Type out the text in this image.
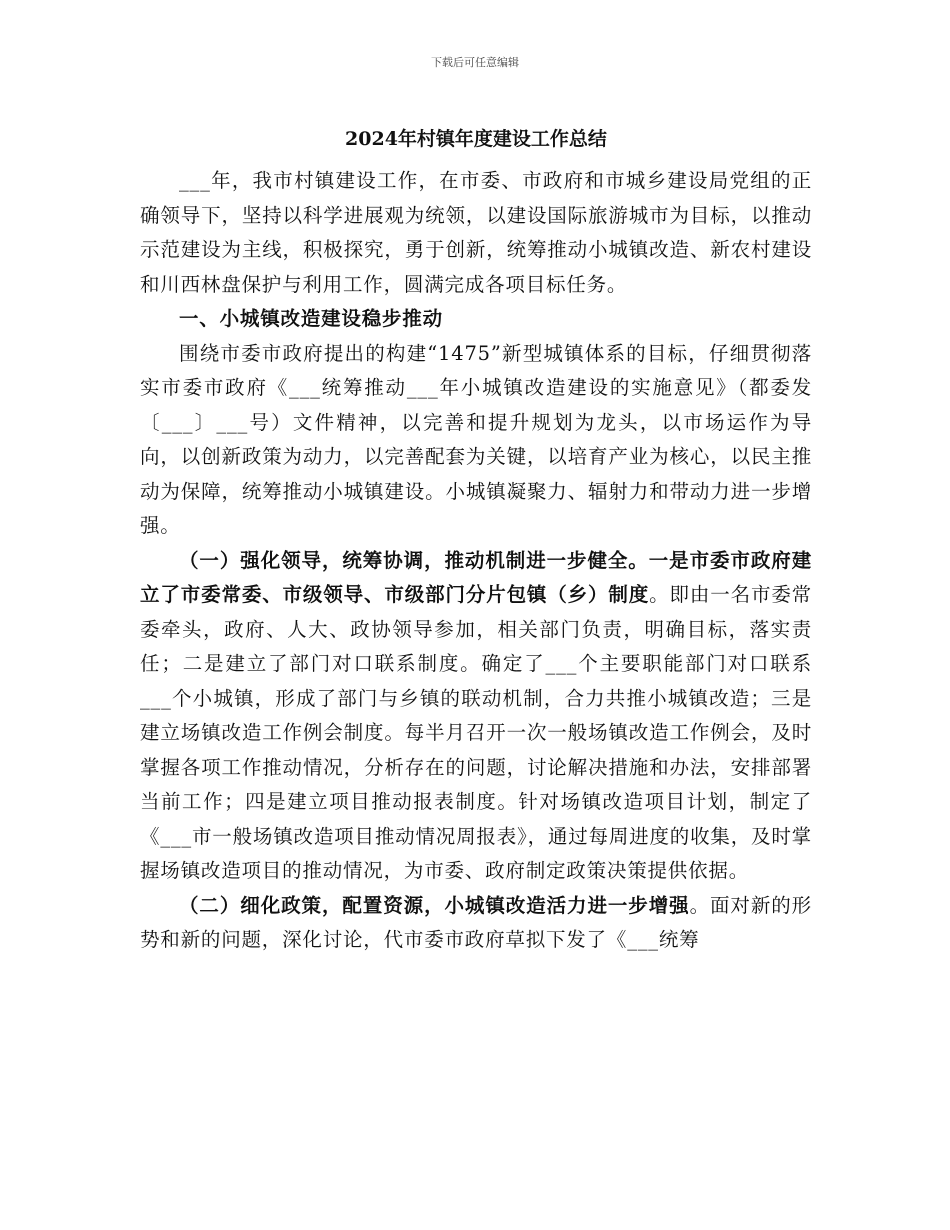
下载后可任意编辑
2024年村镇年度建设工作总结

___年，我市村镇建设工作，在市委、市政府和市城乡建设局党组的正确领导下，坚持以科学进展观为统领，以建设国际旅游城市为目标，以推动示范建设为主线，积极探究，勇于创新，统筹推动小城镇改造、新农村建设和川西林盘保护与利用工作，圆满完成各项目标任务。

一、小城镇改造建设稳步推动

围绕市委市政府提出的构建“1475”新型城镇体系的目标，仔细贯彻落实市委市政府《___统筹推动___年小城镇改造建设的实施意见》（都委发〔___〕___号）文件精神，以完善和提升规划为龙头，以市场运作为导向，以创新政策为动力，以完善配套为关键，以培育产业为核心，以民主推动为保障，统筹推动小城镇建设。小城镇凝聚力、辐射力和带动力进一步增强。

（一）强化领导，统筹协调，推动机制进一步健全。一是市委市政府建立了市委常委、市级领导、市级部门分片包镇（乡）制度。即由一名市委常委牵头，政府、人大、政协领导参加，相关部门负责，明确目标，落实责任；二是建立了部门对口联系制度。确定了___个主要职能部门对口联系___个小城镇，形成了部门与乡镇的联动机制，合力共推小城镇改造；三是建立场镇改造工作例会制度。每半月召开一次一般场镇改造工作例会，及时掌握各项工作推动情况，分析存在的问题，讨论解决措施和办法，安排部署当前工作；四是建立项目推动报表制度。针对场镇改造项目计划，制定了《___市一般场镇改造项目推动情况周报表》，通过每周进度的收集，及时掌握场镇改造项目的推动情况，为市委、政府制定政策决策提供依据。

（二）细化政策，配置资源，小城镇改造活力进一步增强。面对新的形势和新的问题，深化讨论，代市委市政府草拟下发了《___统筹
